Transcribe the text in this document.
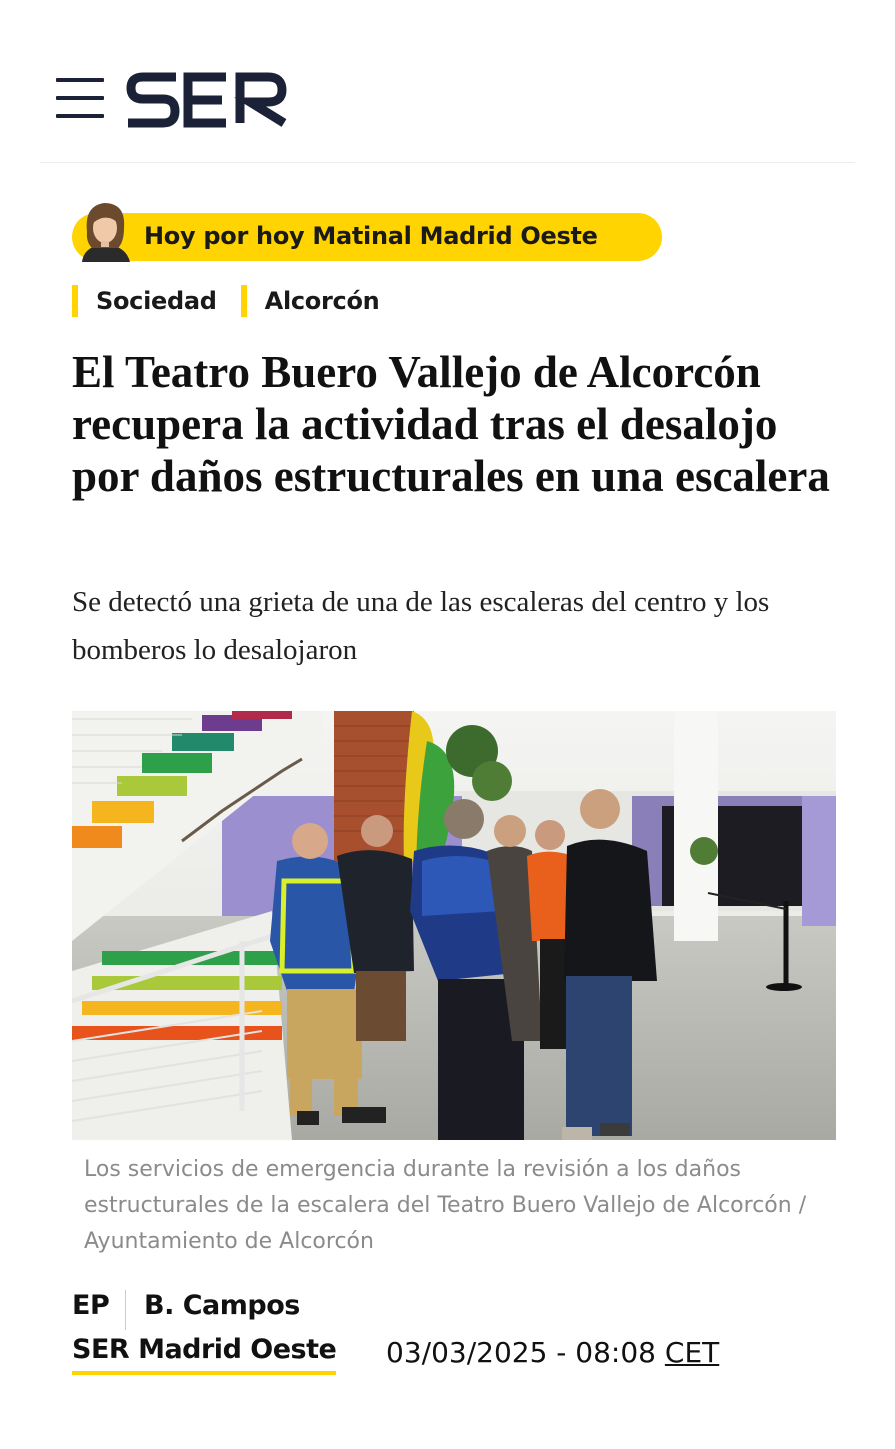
Hoy por hoy Matinal Madrid Oeste
Sociedad Alcorcón
El Teatro Buero Vallejo de Alcorcón recupera la actividad tras el desalojo por daños estructurales en una escalera

Se detectó una grieta de una de las escaleras del centro y los bomberos lo desalojaron

Los servicios de emergencia durante la revisión a los daños estructurales de la escalera del Teatro Buero Vallejo de Alcorcón / Ayuntamiento de Alcorcón

EP B. Campos
SER Madrid Oeste 03/03/2025 - 08:08 CET
